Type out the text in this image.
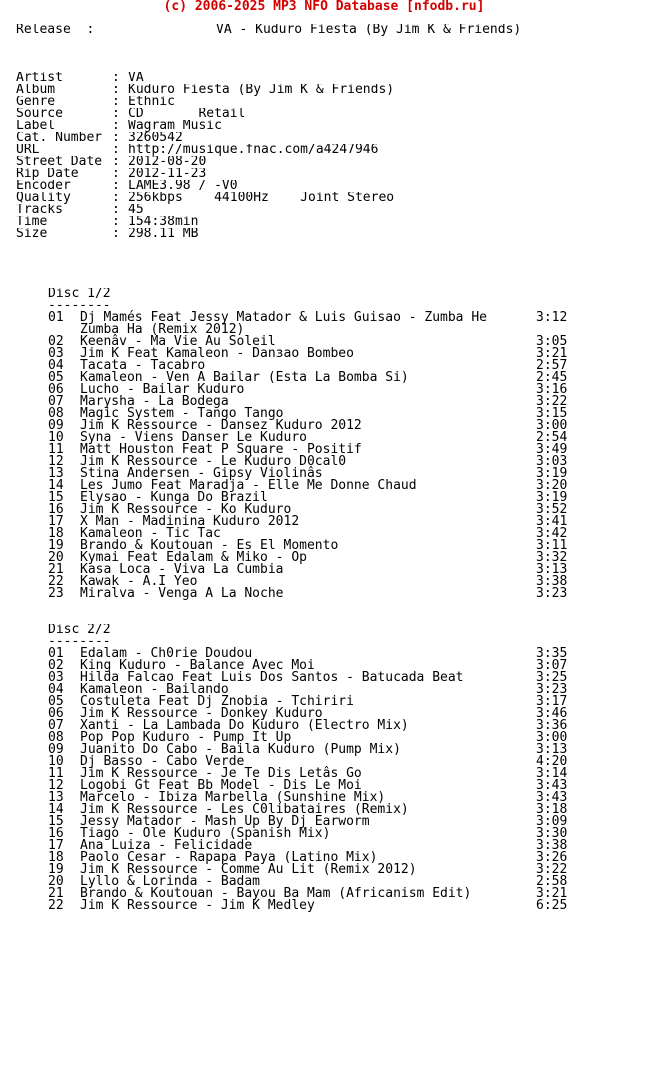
(c) 2006-2025 MP3 NFO Database [nfodb.ru]
Release  :	VA - Kuduro Fiesta (By Jim K & Friends)
Artist	: VA
Album	: Kuduro Fiesta (By Jim K & Friends)
Genre	: Ethnic
Source	: CD       Retail
Label	: Wagram Music
Cat. Number : 3260542
URL	: http://musique.fnac.com/a4247946
Street Date : 2012-08-20
Rip Date	: 2012-11-23
Encoder	: LAME3.98 / -V0
Quality	: 256kbps    44100Hz    Joint Stereo
Tracks	: 45
Time	: 154:38min
Size	: 298.11 MB
Disc 1/2
--------
01 Dj Mamés Feat Jessy Matador & Luis Guisao - Zumba He	3:12
Zumba Ha (Remix 2012)
02 Keenâv - Ma Vie Au Soleil	3:05
03 Jim K Feat Kamaleon - Danзao Bombeo	3:21
04 Tacata - Tacabro	2:57
05 Kamaleon - Ven A Bailar (Esta La Bomba Si)	2:45
06 Lucho - Bailar Kuduro	3:16
07 Marysha - La Bodega	3:22
08 Magic System - Tango Tango	3:15
09 Jim K Ressource - Dansez Kuduro 2012	3:00
10 Syna - Viens Danser Le Kuduro	2:54
11 Matt Houston Feat P Square - Positif	3:49
12 Jim K Ressource - Le Kuduro D0cal0	3:03
13 Stina Andersen - Gipsy Violinâs	3:19
14 Les Jumo Feat Maradja - Elle Me Donne Chaud	3:20
15 Elysao - Kunga Do Brazil	3:19
16 Jim K Ressource - Ko Kuduro	3:52
17 X Man - Madinina Kuduro 2012	3:41
18 Kamaleon - Tic Tac	3:42
19 Brando & Koutouan - Es El Momento	3:11
20 Kymai Feat Edalam & Miko - Op	3:32
21 Kasa Loca - Viva La Cumbia	3:13
22 Kawak - A.I Yeo	3:38
23 Miralva - Venga A La Noche	3:23
Disc 2/2
--------
01 Edalam - Ch0rie Doudou	3:35
02 King Kuduro - Balance Avec Moi	3:07
03 Hilda Falcao Feat Luis Dos Santos - Batucada Beat	3:25
04 Kamaleon - Bailando	3:23
05 Costuleta Feat Dj Znobia - Tchiriri	3:17
06 Jim K Ressource - Donkey Kuduro	3:46
07 Xanti - La Lambada Do Kuduro (Electro Mix)	3:36
08 Pop Pop Kuduro - Pump It Up	3:00
09 Juanito Do Cabo - Baila Kuduro (Pump Mix)	3:13
10 Dj Basso - Cabo Verde	4:20
11 Jim K Ressource - Je Te Dis Letâs Go	3:14
12 Logobi Gt Feat Bb Model - Dis Le Moi	3:43
13 Marcelo - Ibiza Marbella (Sunshine Mix)	3:43
14 Jim K Ressource - Les C0libataires (Remix)	3:18
15 Jessy Matador - Mash Up By Dj Earworm	3:09
16 Tiago - Ole Kuduro (Spanish Mix)	3:30
17 Ana Luiza - Felicidade	3:38
18 Paolo Cesar - Rapapa Paya (Latino Mix)	3:26
19 Jim K Ressource - Comme Au Lit (Remix 2012)	3:22
20 Lyllo & Lorinda - Badam	2:58
21 Brando & Koutouan - Bayou Ba Mam (Africanism Edit)	3:21
22 Jim K Ressource - Jim K Medley	6:25
